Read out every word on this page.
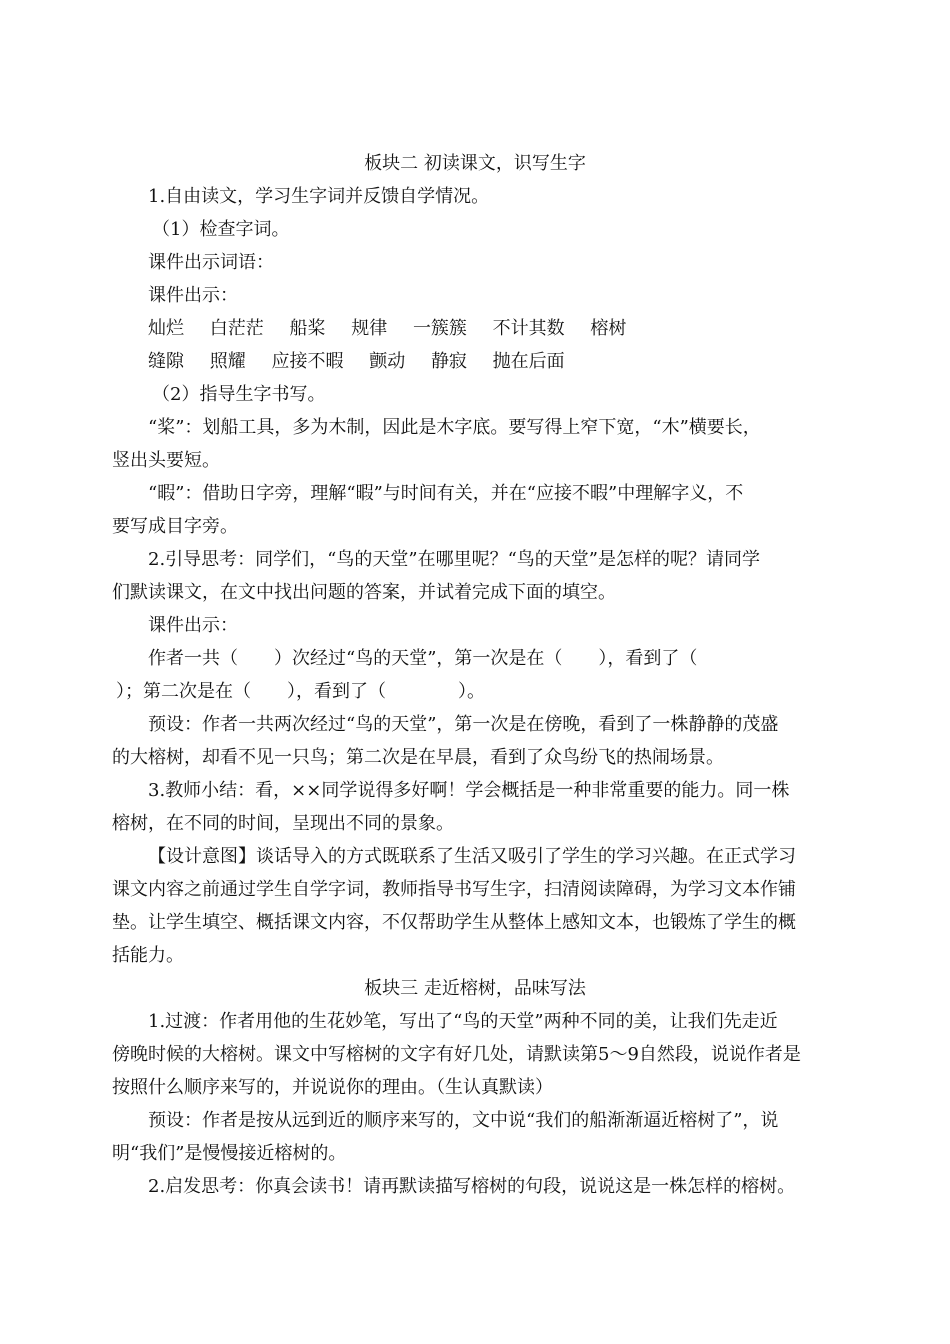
板块二 初读课文，识写生字
1.自由读文，学习生字词并反馈自学情况。
（1）检查字词。
课件出示词语：
课件出示：
灿烂 白茫茫 船桨 规律 一簇簇 不计其数 榕树
缝隙 照耀 应接不暇 颤动 静寂 抛在后面
（2）指导生字书写。
“桨”：划船工具，多为木制，因此是木字底。要写得上窄下宽，“木”横要长，
竖出头要短。
“暇”：借助日字旁，理解“暇”与时间有关，并在“应接不暇”中理解字义，不
要写成目字旁。
2.引导思考：同学们，“鸟的天堂”在哪里呢？“鸟的天堂”是怎样的呢？请同学
们默读课文，在文中找出问题的答案，并试着完成下面的填空。
课件出示：
作者一共（　　）次经过“鸟的天堂”，第一次是在（　　），看到了（
）；第二次是在（　　），看到了（　　　　）。
预设：作者一共两次经过“鸟的天堂”，第一次是在傍晚，看到了一株静静的茂盛
的大榕树，却看不见一只鸟；第二次是在早晨，看到了众鸟纷飞的热闹场景。
3.教师小结：看，××同学说得多好啊！学会概括是一种非常重要的能力。同一株
榕树，在不同的时间，呈现出不同的景象。
【设计意图】谈话导入的方式既联系了生活又吸引了学生的学习兴趣。在正式学习
课文内容之前通过学生自学字词，教师指导书写生字，扫清阅读障碍，为学习文本作铺
垫。让学生填空、概括课文内容，不仅帮助学生从整体上感知文本，也锻炼了学生的概
括能力。
板块三 走近榕树，品味写法
1.过渡：作者用他的生花妙笔，写出了“鸟的天堂”两种不同的美，让我们先走近
傍晚时候的大榕树。课文中写榕树的文字有好几处，请默读第5～9自然段，说说作者是
按照什么顺序来写的，并说说你的理由。（生认真默读）
预设：作者是按从远到近的顺序来写的，文中说“我们的船渐渐逼近榕树了”，说
明“我们”是慢慢接近榕树的。
2.启发思考：你真会读书！请再默读描写榕树的句段，说说这是一株怎样的榕树。
